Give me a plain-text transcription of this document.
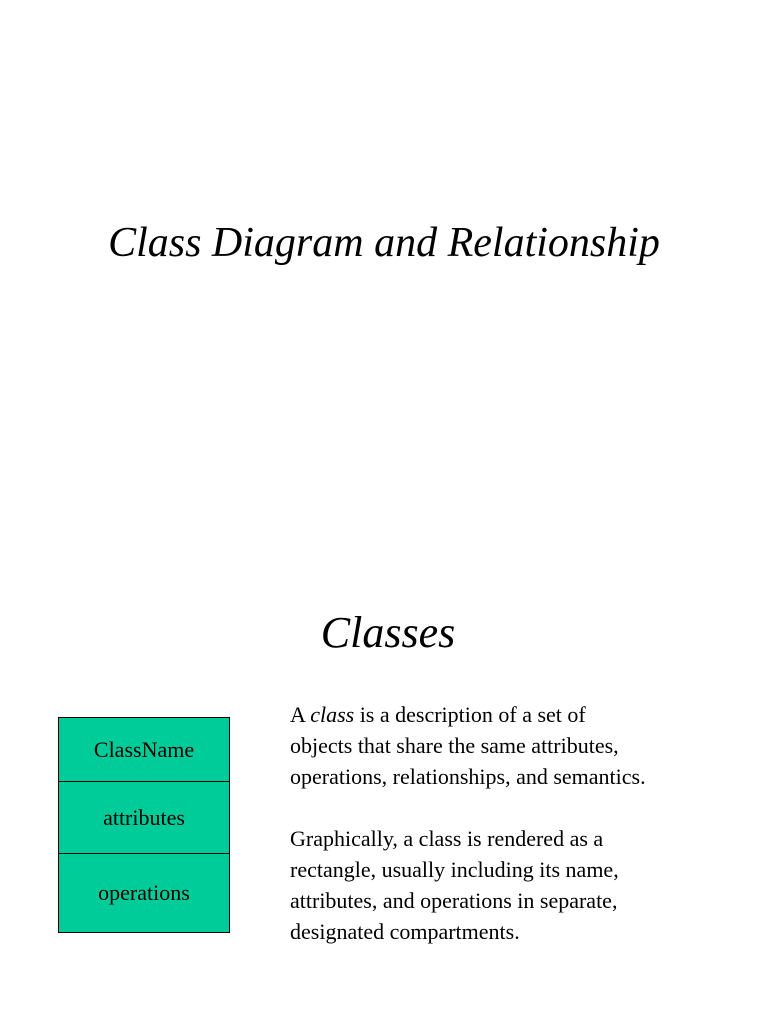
Class Diagram and Relationship
Classes
ClassName
attributes
operations

A class is a description of a set of
objects that share the same attributes,
operations, relationships, and semantics.

Graphically, a class is rendered as a
rectangle, usually including its name,
attributes, and operations in separate,
designated compartments.
